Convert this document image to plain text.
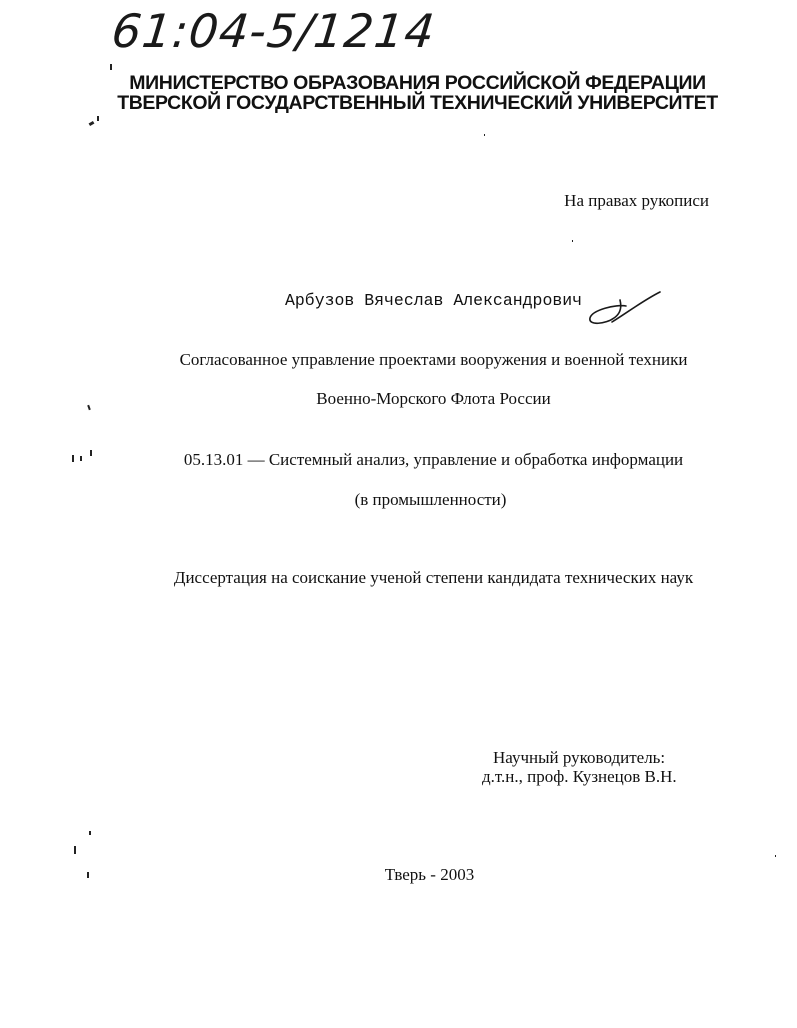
61:04-5/1214
МИНИСТЕРСТВО ОБРАЗОВАНИЯ РОССИЙСКОЙ ФЕДЕРАЦИИ
ТВЕРСКОЙ ГОСУДАРСТВЕННЫЙ ТЕХНИЧЕСКИЙ УНИВЕРСИТЕТ
На правах рукописи
Арбузов Вячеслав Александрович
Согласованное управление проектами вооружения и военной техники
Военно-Морского Флота России
05.13.01 — Системный анализ, управление и обработка информации
(в промышленности)
Диссертация на соискание ученой степени кандидата технических наук
Научный руководитель:
д.т.н., проф. Кузнецов В.Н.
Тверь - 2003
